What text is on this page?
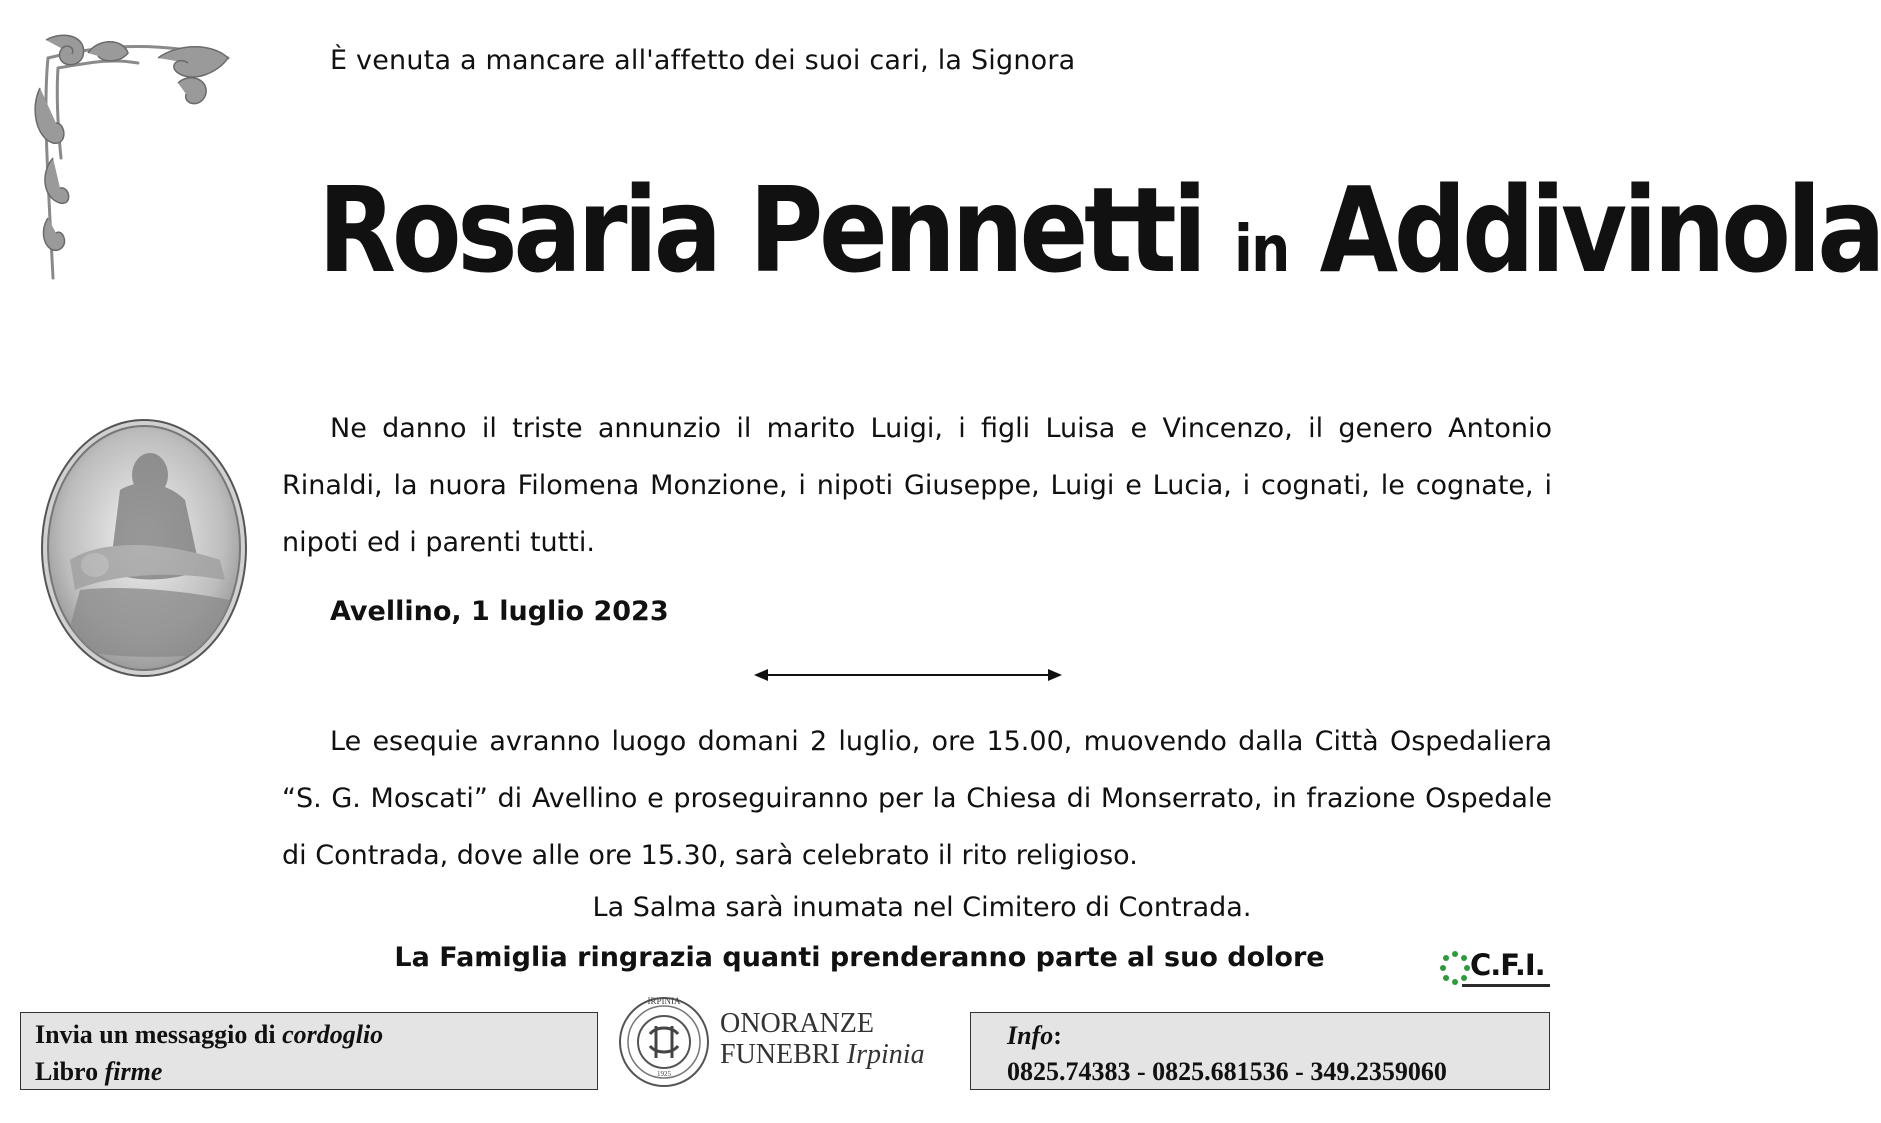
È venuta a mancare all'affetto dei suoi cari, la Signora
Rosaria Pennetti in Addivinola
Ne danno il triste annunzio il marito Luigi, i figli Luisa e Vincenzo, il genero Antonio Rinaldi, la nuora Filomena Monzione, i nipoti Giuseppe, Luigi e Lucia, i cognati, le cognate, i nipoti ed i parenti tutti.
Avellino, 1 luglio 2023
Le esequie avranno luogo domani 2 luglio, ore 15.00, muovendo dalla Città Ospedaliera “S. G. Moscati” di Avellino e proseguiranno per la Chiesa di Monserrato, in frazione Ospedale di Contrada, dove alle ore 15.30, sarà celebrato il rito religioso.
La Salma sarà inumata nel Cimitero di Contrada.
La Famiglia ringrazia quanti prenderanno parte al suo dolore	C.F.I.
Invia un messaggio di cordoglio
Libro firme
IRPINIA
1925
ONORANZE
FUNEBRI Irpinia
Info:
0825.74383 - 0825.681536 - 349.2359060
